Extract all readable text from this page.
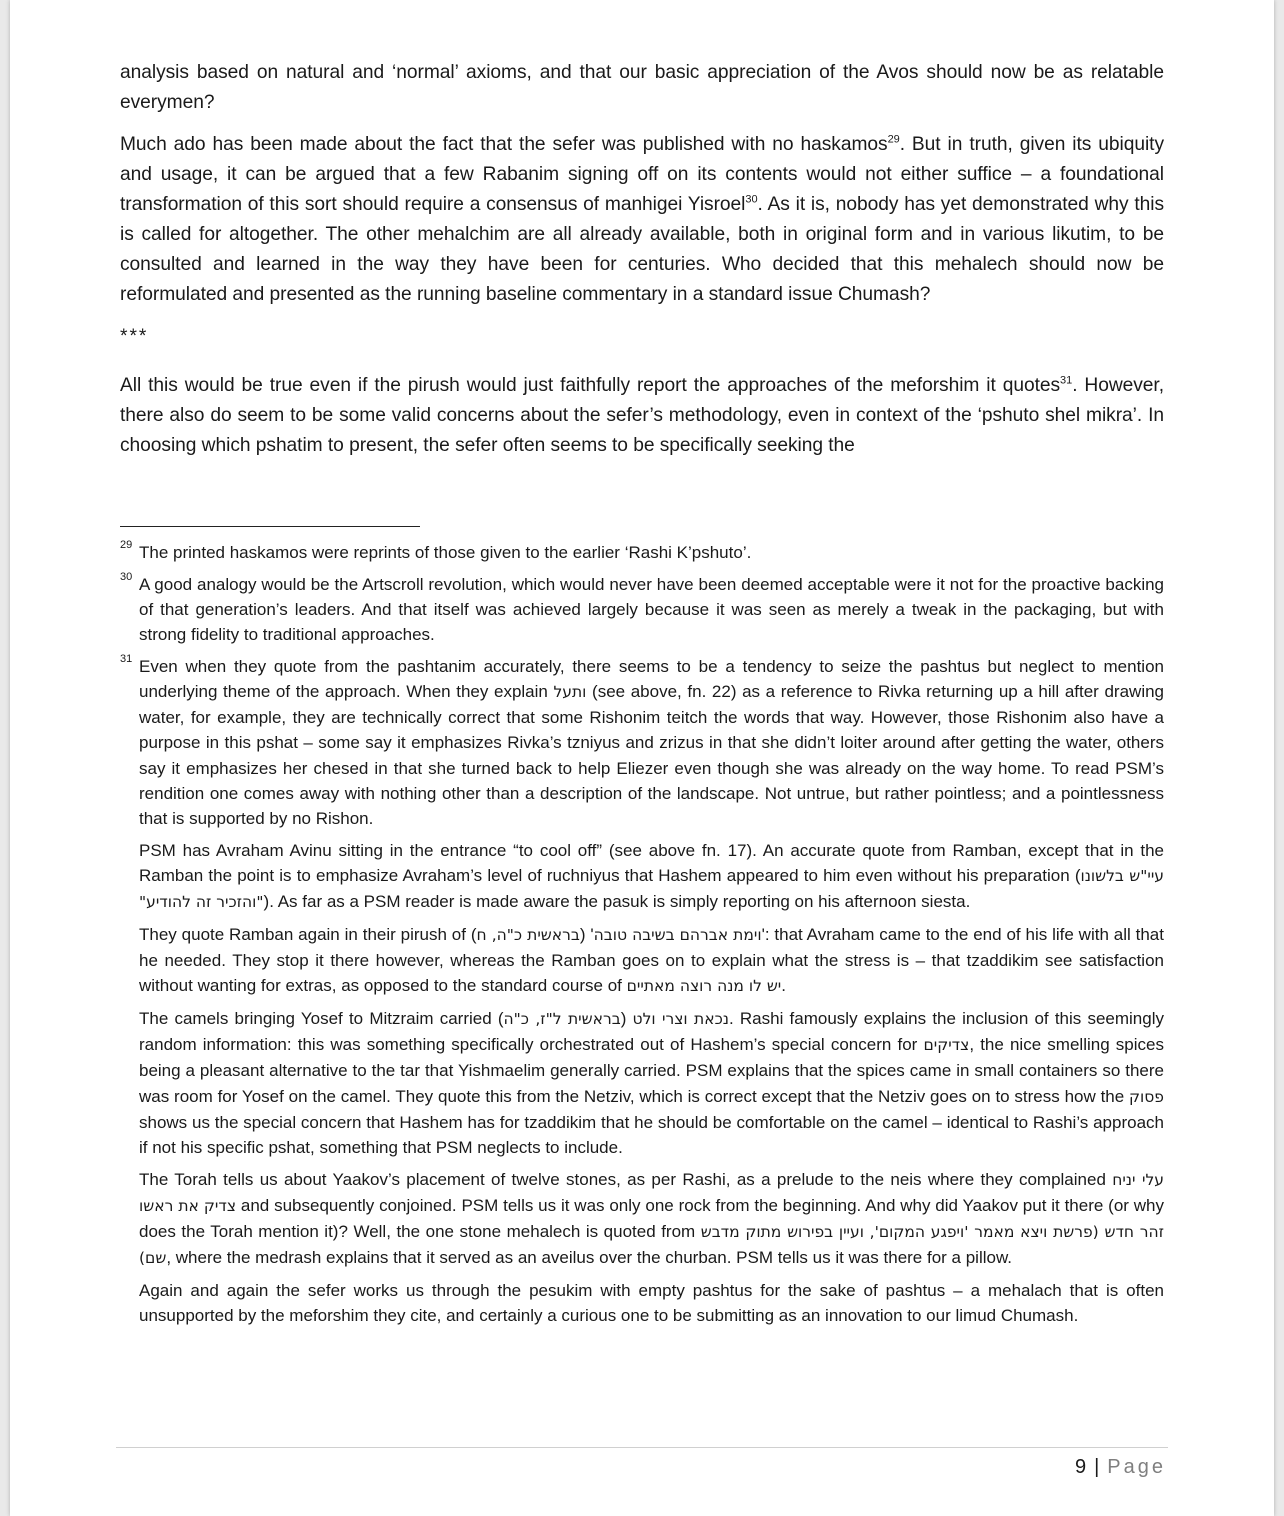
analysis based on natural and ‘normal’ axioms, and that our basic appreciation of the Avos should now be as relatable everymen?

Much ado has been made about the fact that the sefer was published with no haskamos$^{29}$. But in truth, given its ubiquity and usage, it can be argued that a few Rabanim signing off on its contents would not either suffice – a foundational transformation of this sort should require a consensus of manhigei Yisroel$^{30}$. As it is, nobody has yet demonstrated why this is called for altogether. The other mehalchim are all already available, both in original form and in various likutim, to be consulted and learned in the way they have been for centuries. Who decided that this mehalech should now be reformulated and presented as the running baseline commentary in a standard issue Chumash?

***

All this would be true even if the pirush would just faithfully report the approaches of the meforshim it quotes$^{31}$. However, there also do seem to be some valid concerns about the sefer’s methodology, even in context of the ‘pshuto shel mikra’. In choosing which pshatim to present, the sefer often seems to be specifically seeking the

29 The printed haskamos were reprints of those given to the earlier ‘Rashi K’pshuto’.
30 A good analogy would be the Artscroll revolution, which would never have been deemed acceptable were it not for the proactive backing of that generation’s leaders. And that itself was achieved largely because it was seen as merely a tweak in the packaging, but with strong fidelity to traditional approaches.
31 Even when they quote from the pashtanim accurately, there seems to be a tendency to seize the pashtus but neglect to mention underlying theme of the approach. When they explain ותעל (see above, fn. 22) as a reference to Rivka returning up a hill after drawing water, for example, they are technically correct that some Rishonim teitch the words that way. However, those Rishonim also have a purpose in this pshat – some say it emphasizes Rivka’s tzniyus and zrizus in that she didn’t loiter around after getting the water, others say it emphasizes her chesed in that she turned back to help Eliezer even though she was already on the way home. To read PSM’s rendition one comes away with nothing other than a description of the landscape. Not untrue, but rather pointless; and a pointlessness that is supported by no Rishon.
PSM has Avraham Avinu sitting in the entrance “to cool off” (see above fn. 17). An accurate quote from Ramban, except that in the Ramban the point is to emphasize Avraham’s level of ruchniyus that Hashem appeared to him even without his preparation (עיי"ש בלשונו "והזכיר זה להודיע"). As far as a PSM reader is made aware the pasuk is simply reporting on his afternoon siesta.
They quote Ramban again in their pirush of (בראשית כ"ה, ח) 'וימת אברהם בשיבה טובה': that Avraham came to the end of his life with all that he needed. They stop it there however, whereas the Ramban goes on to explain what the stress is – that tzaddikim see satisfaction without wanting for extras, as opposed to the standard course of יש לו מנה רוצה מאתיים.
The camels bringing Yosef to Mitzraim carried (בראשית ל"ז, כ"ה) נכאת וצרי ולט. Rashi famously explains the inclusion of this seemingly random information: this was something specifically orchestrated out of Hashem’s special concern for צדיקים, the nice smelling spices being a pleasant alternative to the tar that Yishmaelim generally carried. PSM explains that the spices came in small containers so there was room for Yosef on the camel. They quote this from the Netziv, which is correct except that the Netziv goes on to stress how the פסוק shows us the special concern that Hashem has for tzaddikim that he should be comfortable on the camel – identical to Rashi’s approach if not his specific pshat, something that PSM neglects to include.
The Torah tells us about Yaakov’s placement of twelve stones, as per Rashi, as a prelude to the neis where they complained עלי יניח צדיק את ראשו and subsequently conjoined. PSM tells us it was only one rock from the beginning. And why did Yaakov put it there (or why does the Torah mention it)? Well, the one stone mehalech is quoted from זהר חדש (פרשת ויצא מאמר 'ויפגע המקום', ועיין בפירוש מתוק מדבש שם), where the medrash explains that it served as an aveilus over the churban. PSM tells us it was there for a pillow.
Again and again the sefer works us through the pesukim with empty pashtus for the sake of pashtus – a mehalach that is often unsupported by the meforshim they cite, and certainly a curious one to be submitting as an innovation to our limud Chumash.
9 | Page
